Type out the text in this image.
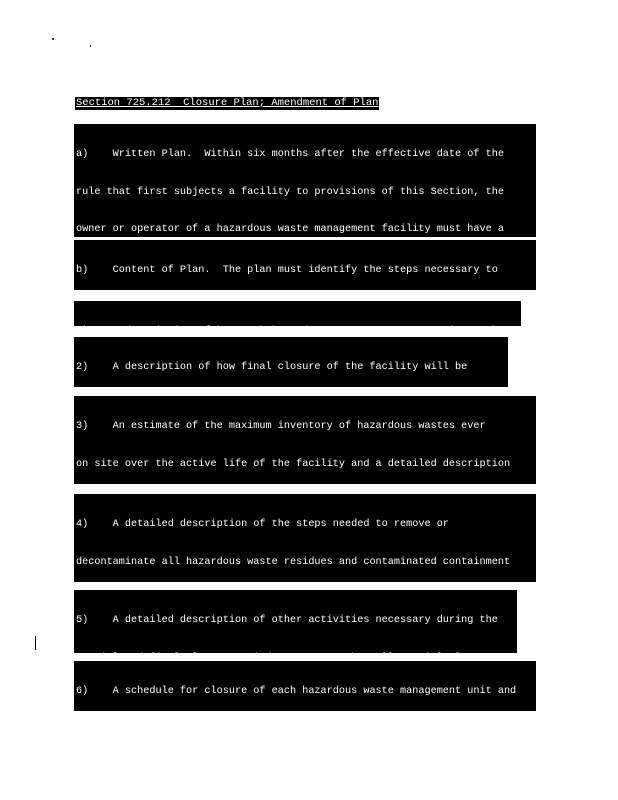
Section 725.212  Closure Plan; Amendment of Plan

a)    Written Plan.  Within six months after the effective date of the

rule that first subjects a facility to provisions of this Section, the

owner or operator of a hazardous waste management facility must have a

b)    Content of Plan.  The plan must identify the steps necessary to

2)    A description of how final closure of the facility will be

3)    An estimate of the maximum inventory of hazardous wastes ever

on site over the active life of the facility and a detailed description

4)    A detailed description of the steps needed to remove or

decontaminate all hazardous waste residues and contaminated containment

5)    A detailed description of other activities necessary during the

6)    A schedule for closure of each hazardous waste management unit and
